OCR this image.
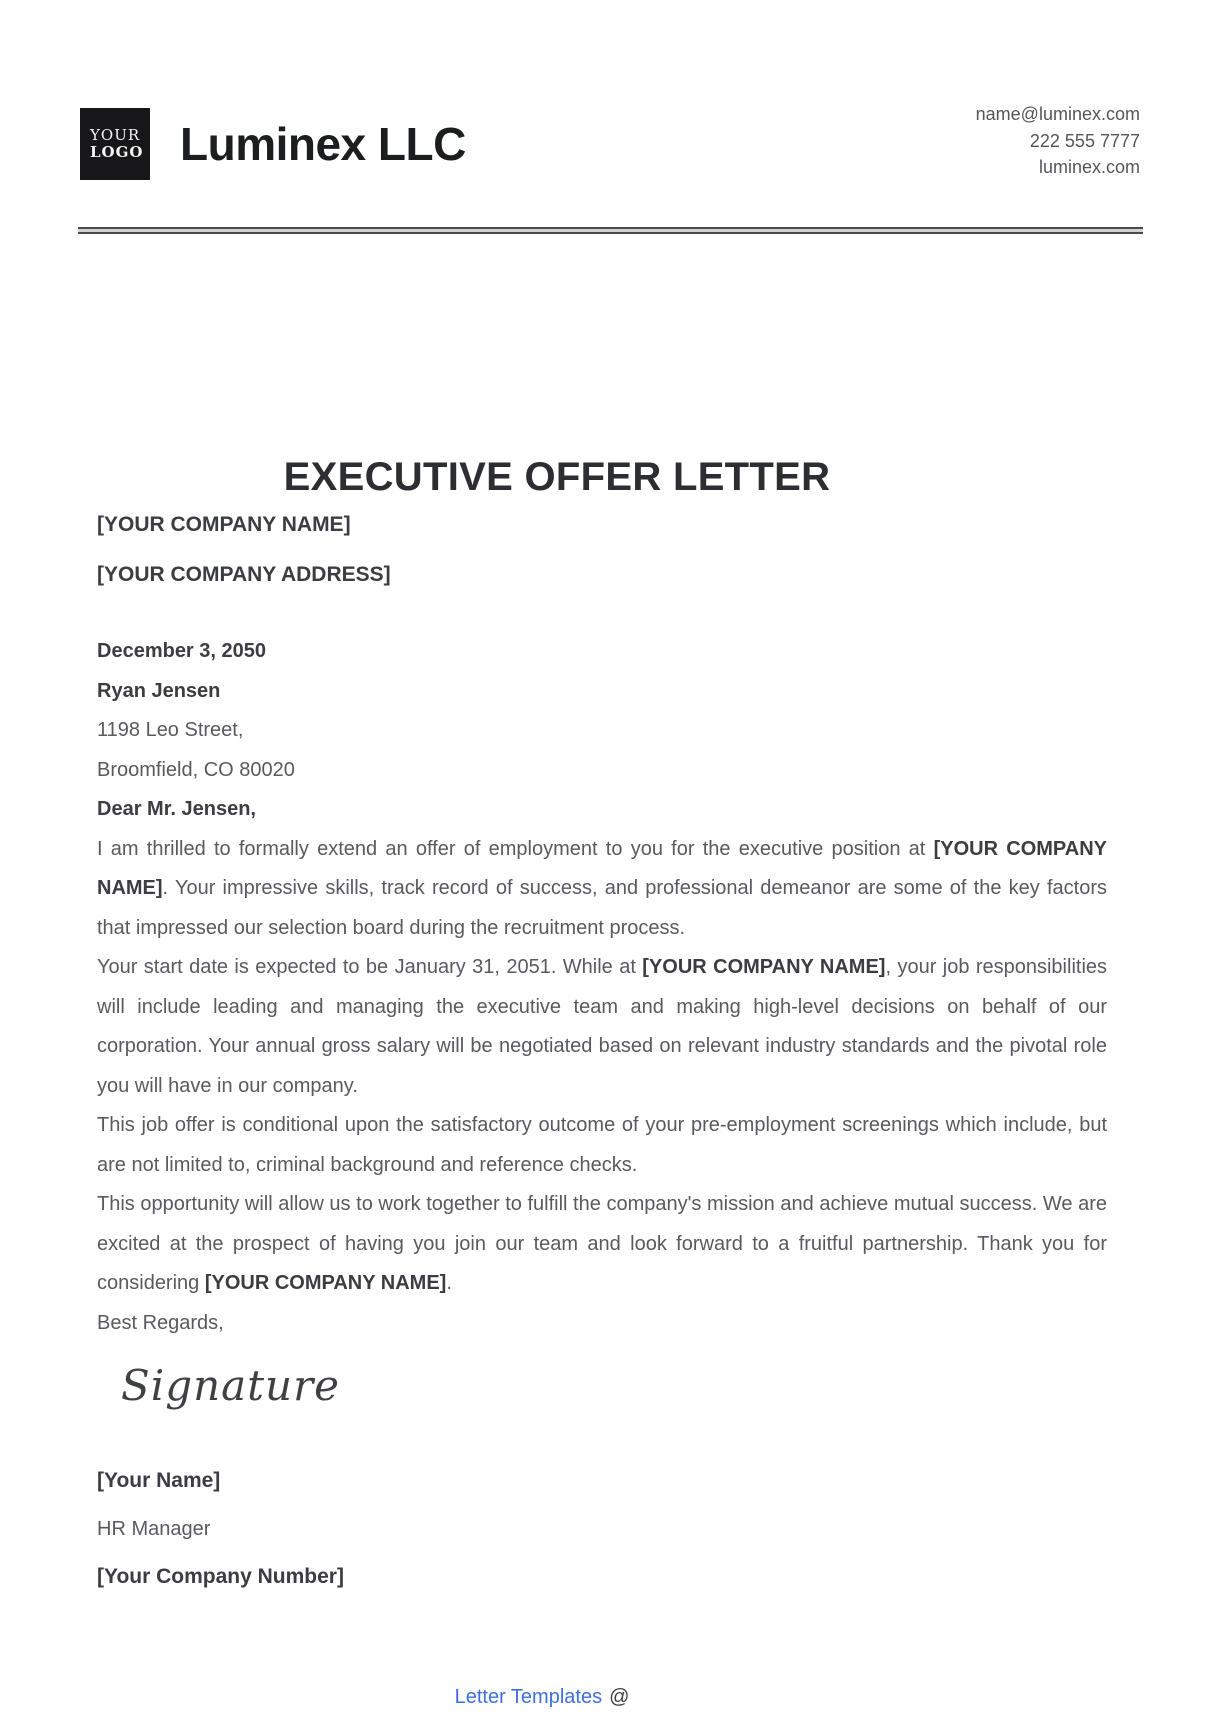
YOUR
LOGO Luminex LLC
name@luminex.com
222 555 7777
luminex.com
EXECUTIVE OFFER LETTER
[YOUR COMPANY NAME]
[YOUR COMPANY ADDRESS]

December 3, 2050

Ryan Jensen

1198 Leo Street,

Broomfield, CO 80020

Dear Mr. Jensen,

I am thrilled to formally extend an offer of employment to you for the executive position at [YOUR COMPANY NAME]. Your impressive skills, track record of success, and professional demeanor are some of the key factors that impressed our selection board during the recruitment process.

Your start date is expected to be January 31, 2051. While at [YOUR COMPANY NAME], your job responsibilities will include leading and managing the executive team and making high-level decisions on behalf of our corporation. Your annual gross salary will be negotiated based on relevant industry standards and the pivotal role you will have in our company.

This job offer is conditional upon the satisfactory outcome of your pre-employment screenings which include, but are not limited to, criminal background and reference checks.

This opportunity will allow us to work together to fulfill the company's mission and achieve mutual success. We are excited at the prospect of having you join our team and look forward to a fruitful partnership. Thank you for considering [YOUR COMPANY NAME].

Best Regards,

Signature
[Your Name]
HR Manager
[Your Company Number]
Letter Templates @
